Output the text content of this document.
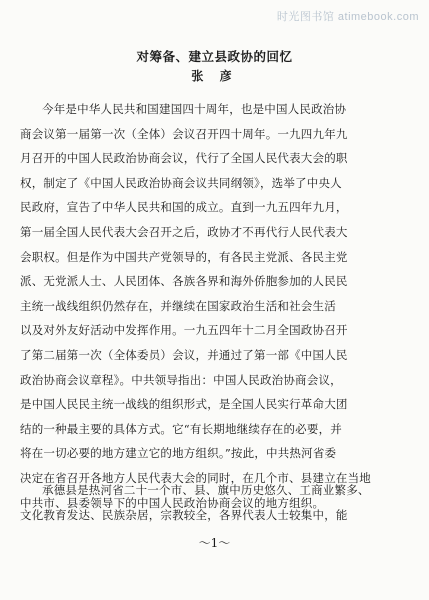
时光图书馆 atimebook.com
对筹备、建立县政协的回忆
张 彦
今年是中华人民共和国建国四十周年，也是中国人民政治协
商会议第一届第一次（全体）会议召开四十周年。一九四九年九
月召开的中国人民政治协商会议，代行了全国人民代表大会的职
权，制定了《中国人民政治协商会议共同纲领》，选举了中央人
民政府，宣告了中华人民共和国的成立。直到一九五四年九月，
第一届全国人民代表大会召开之后，政协才不再代行人民代表大
会职权。但是作为中国共产党领导的，有各民主党派、各民主党
派、无党派人士、人民团体、各族各界和海外侨胞参加的人民民
主统一战线组织仍然存在，并继续在国家政治生活和社会生活
以及对外友好活动中发挥作用。一九五四年十二月全国政协召开
了第二届第一次（全体委员）会议，并通过了第一部《中国人民
政治协商会议章程》。中共领导指出：中国人民政治协商会议，
是中国人民民主统一战线的组织形式，是全国人民实行革命大团
结的一种最主要的具体方式。它“有长期地继续存在的必要，并
将在一切必要的地方建立它的地方组织。”按此，中共热河省委
决定在省召开各地方人民代表大会的同时，在几个市、县建立在当地
中共市、县委领导下的中国人民政治协商会议的地方组织。
承德县是热河省二十一个市、县、旗中历史悠久、工商业繁多、
文化教育发达、民族杂居，宗教较全，各界代表人士较集中，能
～1～
